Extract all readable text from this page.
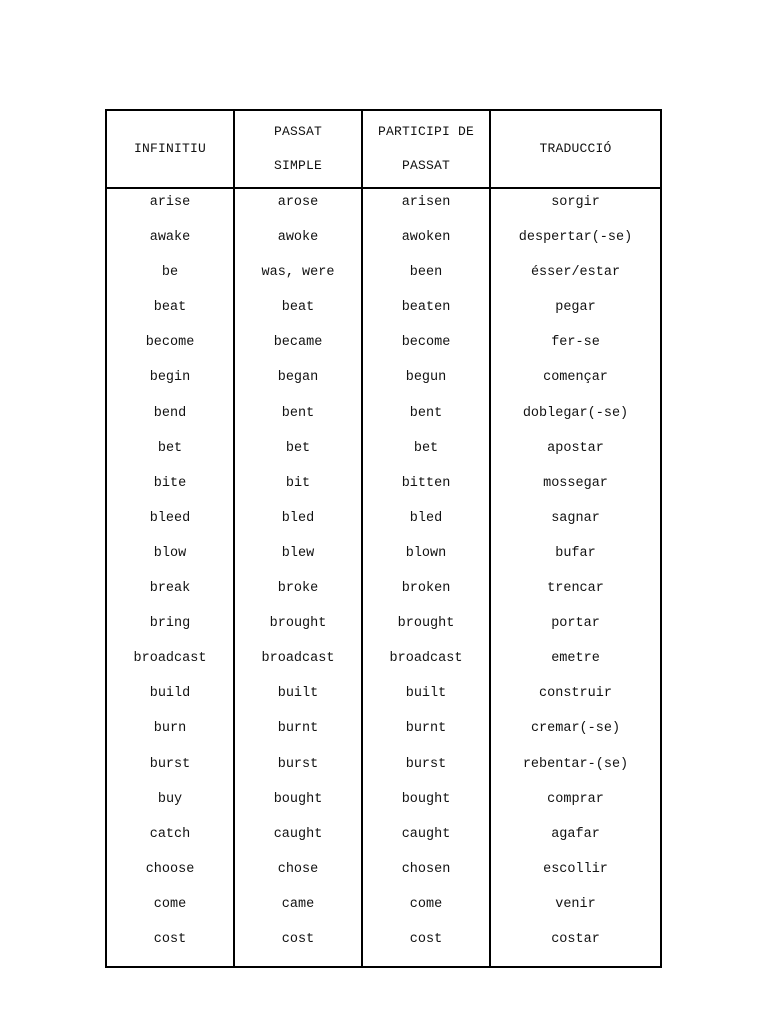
INFINITIU
PASSAT
SIMPLE
PARTICIPI DE
PASSAT
TRADUCCIÓ
arise
awake
be
beat
become
begin
bend
bet
bite
bleed
blow
break
bring
broadcast
build
burn
burst
buy
catch
choose
come
cost
arose
awoke
was, were
beat
became
began
bent
bet
bit
bled
blew
broke
brought
broadcast
built
burnt
burst
bought
caught
chose
came
cost
arisen
awoken
been
beaten
become
begun
bent
bet
bitten
bled
blown
broken
brought
broadcast
built
burnt
burst
bought
caught
chosen
come
cost
sorgir
despertar(-se)
ésser/estar
pegar
fer-se
començar
doblegar(-se)
apostar
mossegar
sagnar
bufar
trencar
portar
emetre
construir
cremar(-se)
rebentar-(se)
comprar
agafar
escollir
venir
costar
